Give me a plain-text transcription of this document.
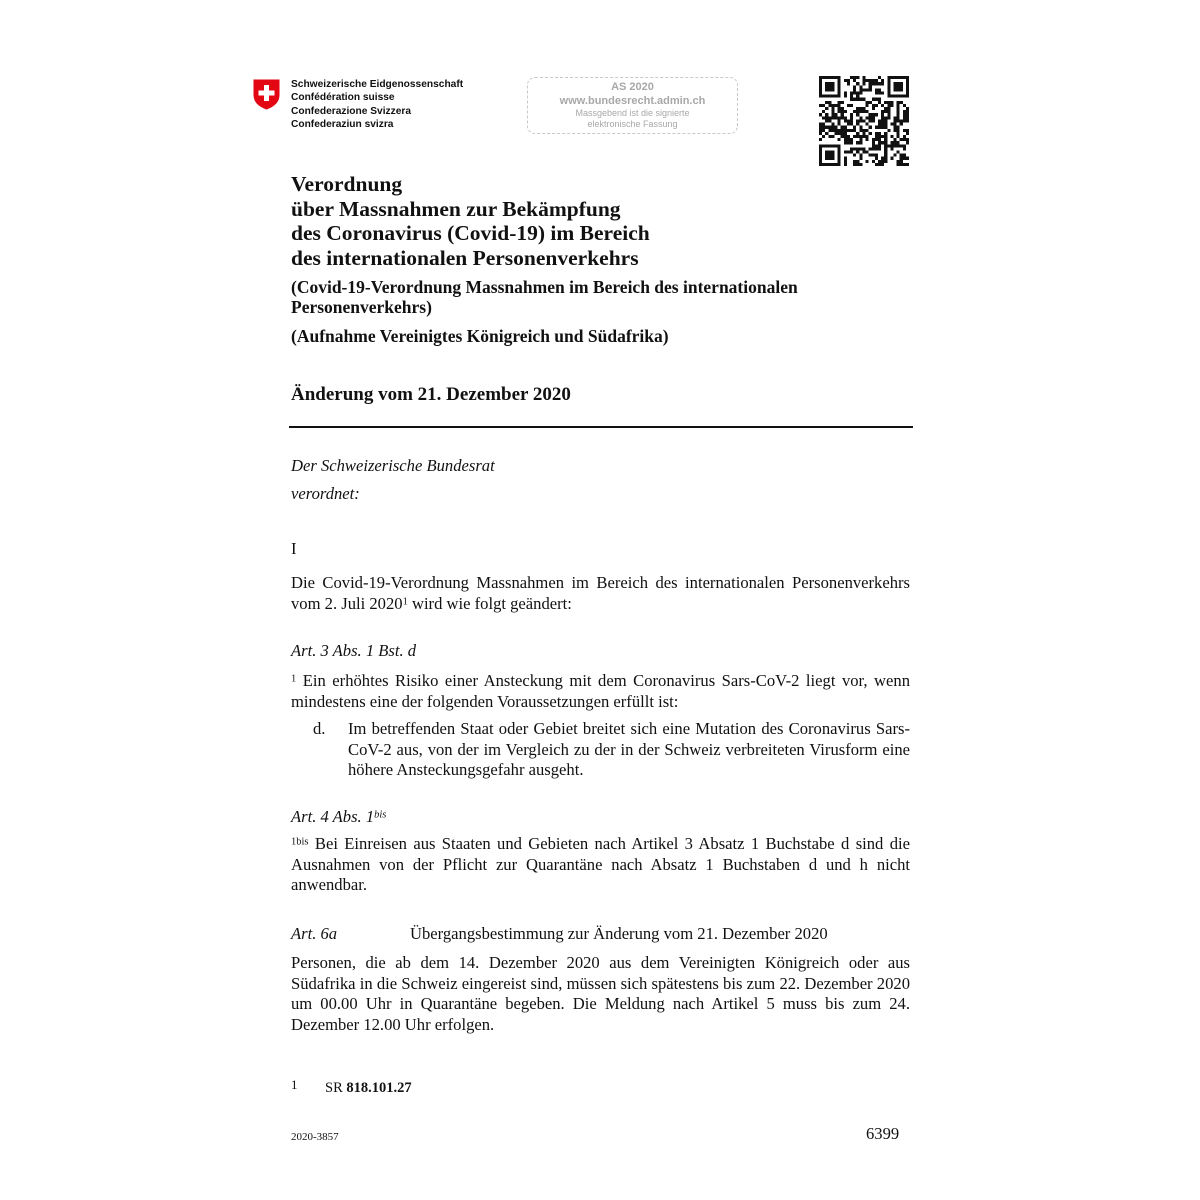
Schweizerische Eidgenossenschaft
Confédération suisse
Confederazione Svizzera
Confederaziun svizra
AS 2020
www.bundesrecht.admin.ch
Massgebend ist die signierte
elektronische Fassung
Verordnung
über Massnahmen zur Bekämpfung
des Coronavirus (Covid-19) im Bereich
des internationalen Personenverkehrs
(Covid-19-Verordnung Massnahmen im Bereich des internationalen Personenverkehrs)
(Aufnahme Vereinigtes Königreich und Südafrika)
Änderung vom 21. Dezember 2020
Der Schweizerische Bundesrat
verordnet:
I
Die Covid-19-Verordnung Massnahmen im Bereich des internationalen Personenverkehrs vom 2. Juli 2020$^1$ wird wie folgt geändert:
Art. 3 Abs. 1 Bst. d
$^1$ Ein erhöhtes Risiko einer Ansteckung mit dem Coronavirus Sars-CoV-2 liegt vor, wenn mindestens eine der folgenden Voraussetzungen erfüllt ist:
d. Im betreffenden Staat oder Gebiet breitet sich eine Mutation des Coronavirus Sars-CoV-2 aus, von der im Vergleich zu der in der Schweiz verbreiteten Virusform eine höhere Ansteckungsgefahr ausgeht.
Art. 4 Abs. $1^{bis}$
$^{1bis}$ Bei Einreisen aus Staaten und Gebieten nach Artikel 3 Absatz 1 Buchstabe d sind die Ausnahmen von der Pflicht zur Quarantäne nach Absatz 1 Buchstaben d und h nicht anwendbar.
Art. 6a	Übergangsbestimmung zur Änderung vom 21. Dezember 2020
Personen, die ab dem 14. Dezember 2020 aus dem Vereinigten Königreich oder aus Südafrika in die Schweiz eingereist sind, müssen sich spätestens bis zum 22. Dezember 2020 um 00.00 Uhr in Quarantäne begeben. Die Meldung nach Artikel 5 muss bis zum 24. Dezember 12.00 Uhr erfolgen.
1 SR 818.101.27
2020-3857	6399
